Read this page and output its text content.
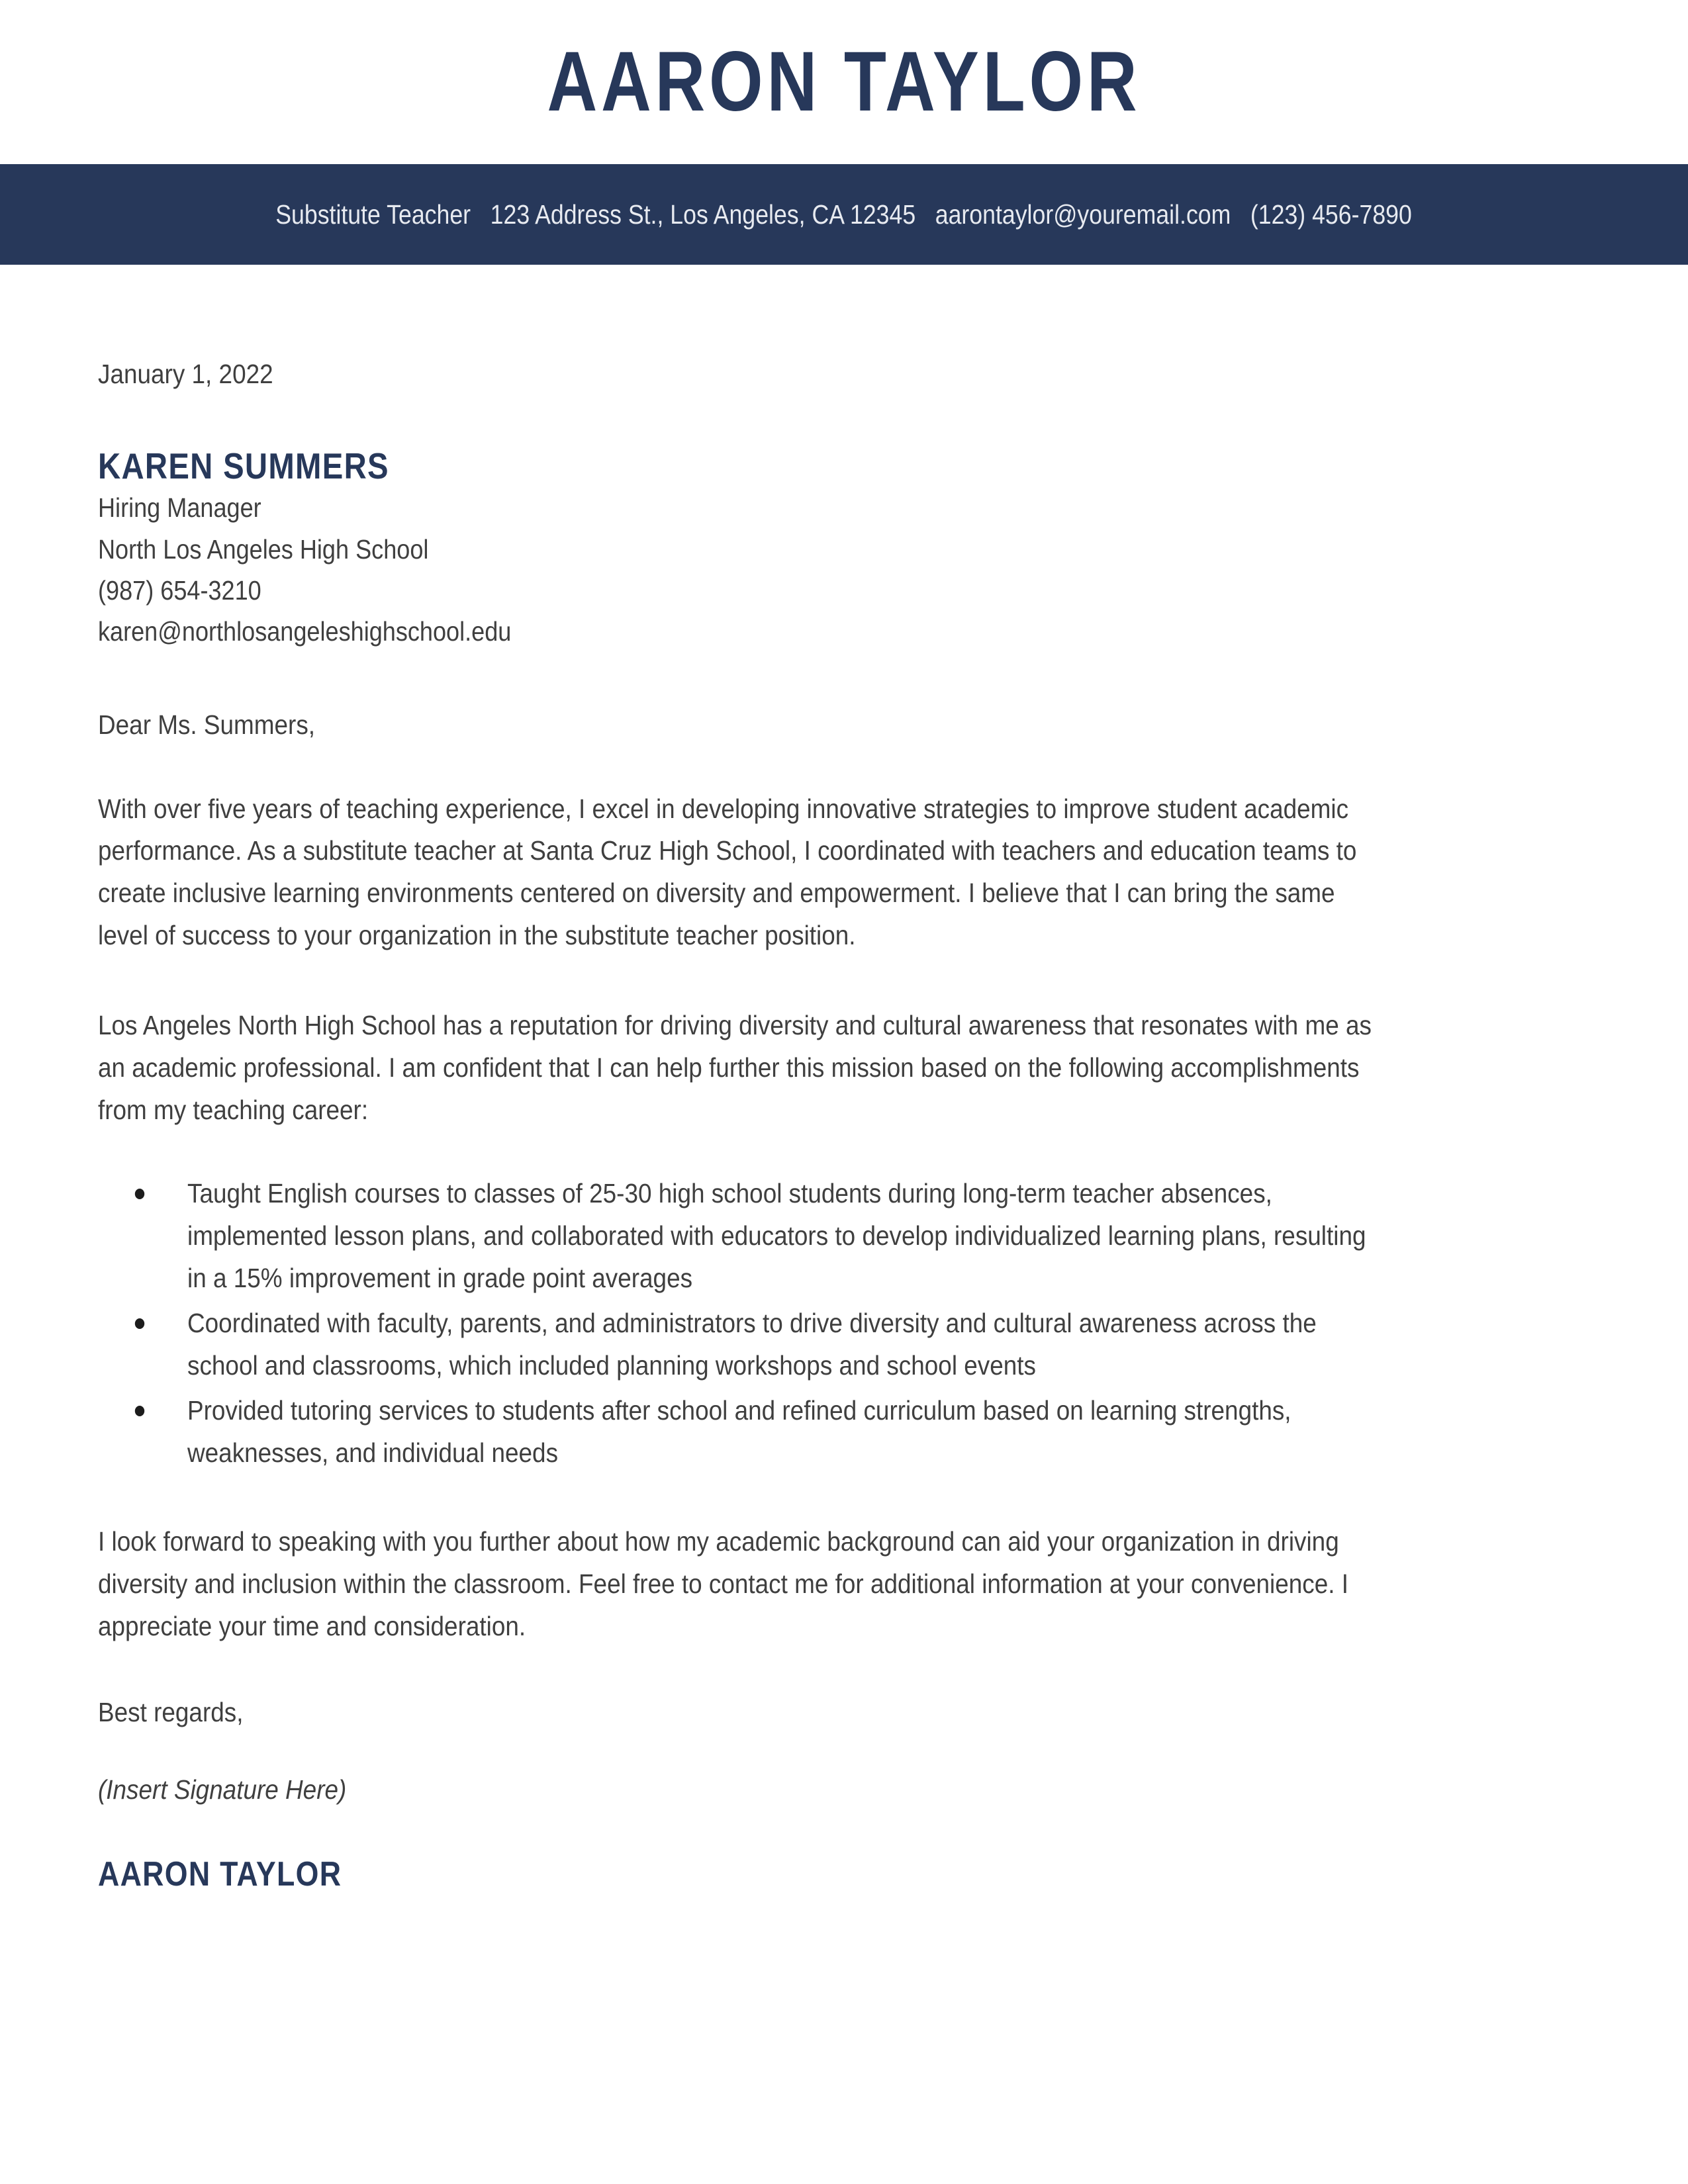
AARON TAYLOR
Substitute Teacher 123 Address St., Los Angeles, CA 12345 aarontaylor@youremail.com (123) 456-7890
January 1, 2022
KAREN SUMMERS
Hiring Manager
North Los Angeles High School
(987) 654-3210
karen@northlosangeleshighschool.edu
Dear Ms. Summers,

With over five years of teaching experience, I excel in developing innovative strategies to improve student academic performance. As a substitute teacher at Santa Cruz High School, I coordinated with teachers and education teams to create inclusive learning environments centered on diversity and empowerment. I believe that I can bring the same level of success to your organization in the substitute teacher position.

Los Angeles North High School has a reputation for driving diversity and cultural awareness that resonates with me as an academic professional. I am confident that I can help further this mission based on the following accomplishments from my teaching career:

Taught English courses to classes of 25-30 high school students during long-term teacher absences, implemented lesson plans, and collaborated with educators to develop individualized learning plans, resulting in a 15% improvement in grade point averages
Coordinated with faculty, parents, and administrators to drive diversity and cultural awareness across the school and classrooms, which included planning workshops and school events
Provided tutoring services to students after school and refined curriculum based on learning strengths, weaknesses, and individual needs

I look forward to speaking with you further about how my academic background can aid your organization in driving diversity and inclusion within the classroom. Feel free to contact me for additional information at your convenience. I appreciate your time and consideration.

Best regards,
(Insert Signature Here)
AARON TAYLOR
